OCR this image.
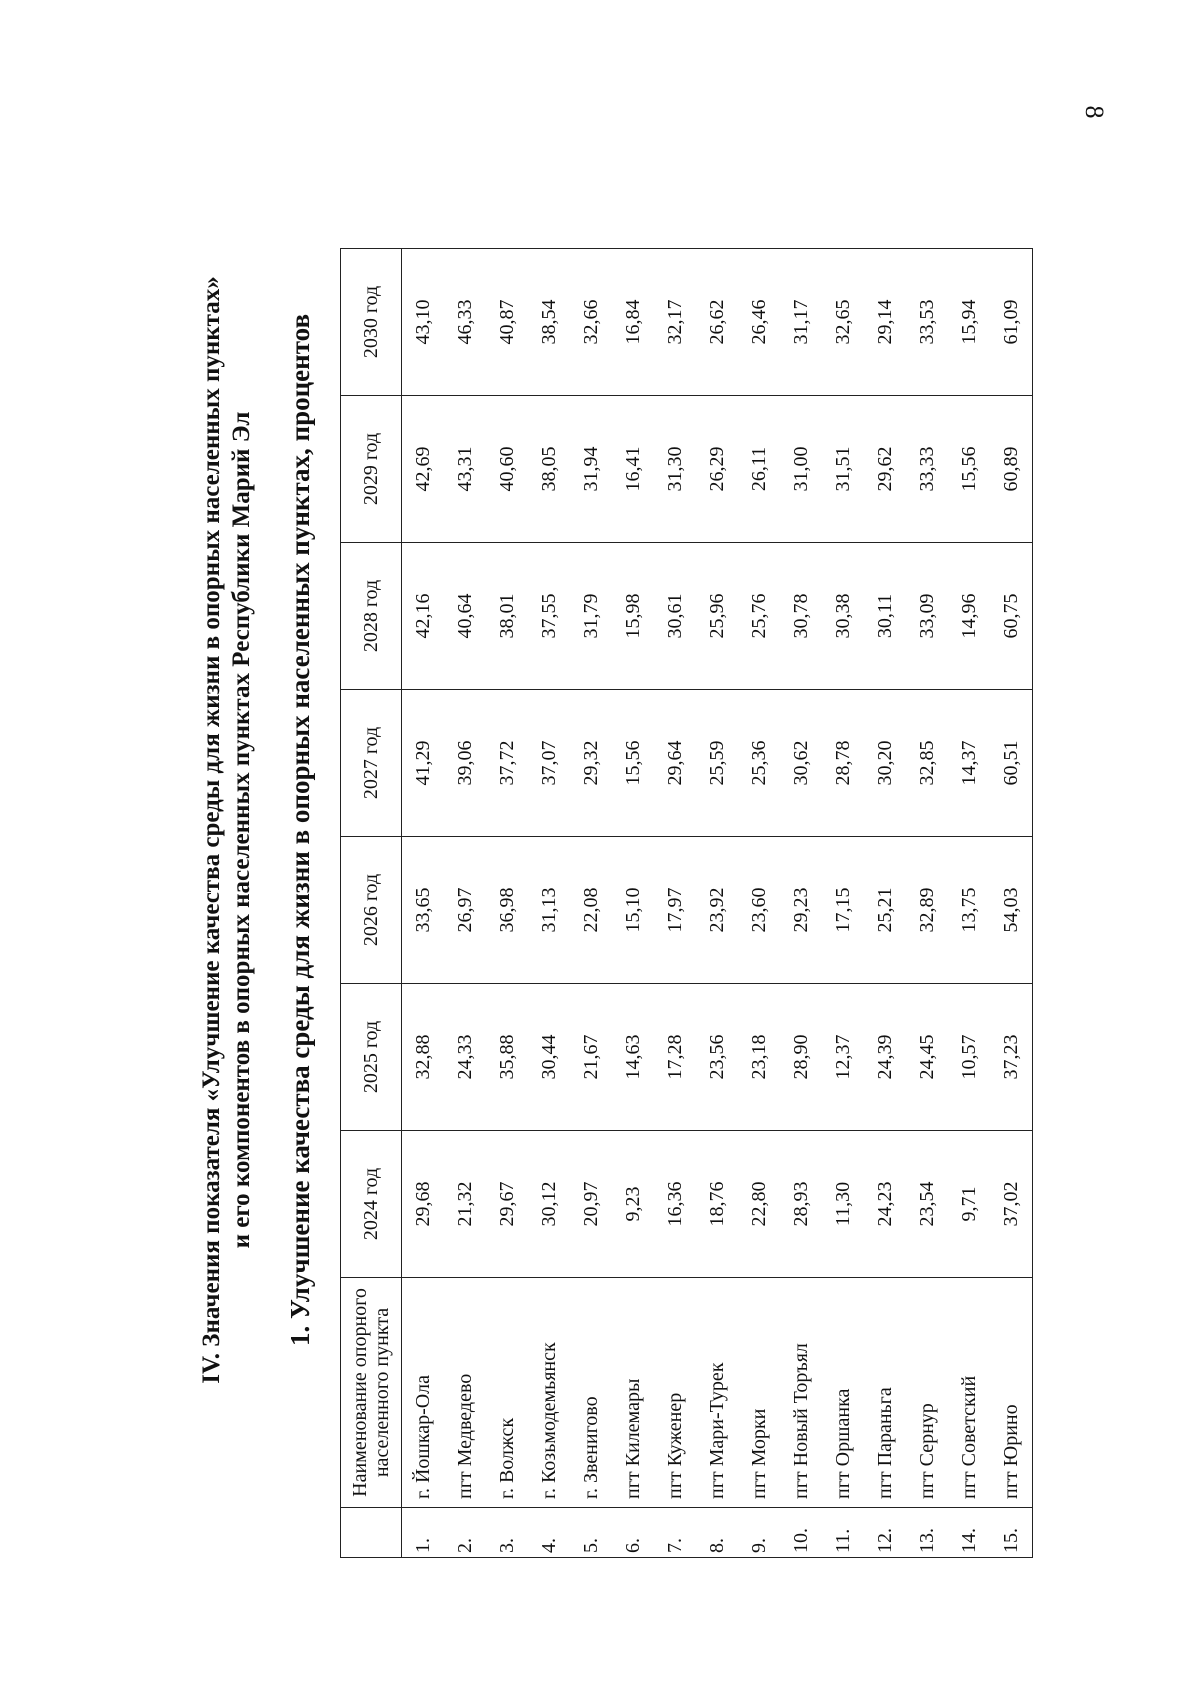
8
IV. Значения показателя «Улучшение качества среды для жизни в опорных населенных пунктах» и его компонентов в опорных населенных пунктах Республики Марий Эл 1. Улучшение качества среды для жизни в опорных населенных пунктах, процентов

	Наименование опорного населенного пункта	2024 год	2025 год	2026 год	2027 год	2028 год	2029 год	2030 год
1.	г. Йошкар-Ола	29,68	32,88	33,65	41,29	42,16	42,69	43,10
2.	пгт Медведево	21,32	24,33	26,97	39,06	40,64	43,31	46,33
3.	г. Волжск	29,67	35,88	36,98	37,72	38,01	40,60	40,87
4.	г. Козьмодемьянск	30,12	30,44	31,13	37,07	37,55	38,05	38,54
5.	г. Звенигово	20,97	21,67	22,08	29,32	31,79	31,94	32,66
6.	пгт Килемары	9,23	14,63	15,10	15,56	15,98	16,41	16,84
7.	пгт Куженер	16,36	17,28	17,97	29,64	30,61	31,30	32,17
8.	пгт Мари-Турек	18,76	23,56	23,92	25,59	25,96	26,29	26,62
9.	пгт Морки	22,80	23,18	23,60	25,36	25,76	26,11	26,46
10.	пгт Новый Торъял	28,93	28,90	29,23	30,62	30,78	31,00	31,17
11.	пгт Оршанка	11,30	12,37	17,15	28,78	30,38	31,51	32,65
12.	пгт Параньга	24,23	24,39	25,21	30,20	30,11	29,62	29,14
13.	пгт Сернур	23,54	24,45	32,89	32,85	33,09	33,33	33,53
14.	пгт Советский	9,71	10,57	13,75	14,37	14,96	15,56	15,94
15.	пгт Юрино	37,02	37,23	54,03	60,51	60,75	60,89	61,09
